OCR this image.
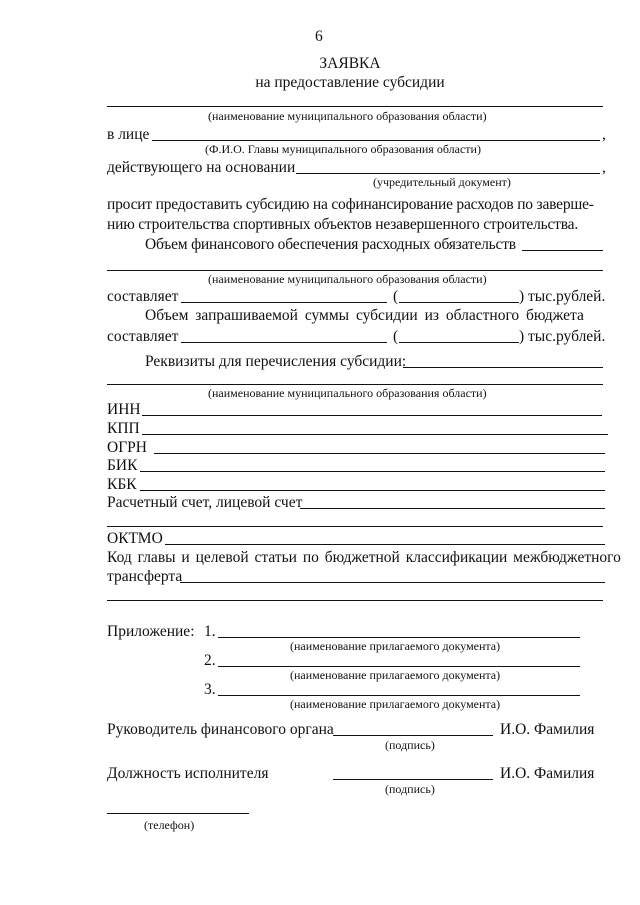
6
ЗАЯВКА
на предоставление субсидии
(наименование муниципального образования области)
в лице	,
(Ф.И.О. Главы муниципального образования области)
действующего на основании	,
(учредительный документ)
просит предоставить субсидию на софинансирование расходов по заверше-
нию строительства спортивных объектов незавершенного строительства.
Объем финансового обеспечения расходных обязательств
(наименование муниципального образования области)
составляет	(	) тыс.рублей.
Объем запрашиваемой суммы субсидии из областного бюджета
составляет	(	) тыс.рублей.
Реквизиты для перечисления субсидии:
(наименование муниципального образования области)
ИНН
КПП
ОГРН
БИК
КБК
Расчетный счет, лицевой счет
ОКТМО
Код главы и целевой статьи по бюджетной классификации межбюджетного
трансферта
Приложение: 1.
(наименование прилагаемого документа)
2.
(наименование прилагаемого документа)
3.
(наименование прилагаемого документа)
Руководитель финансового органа	И.О. Фамилия
(подпись)
Должность исполнителя	И.О. Фамилия
(подпись)
(телефон)
